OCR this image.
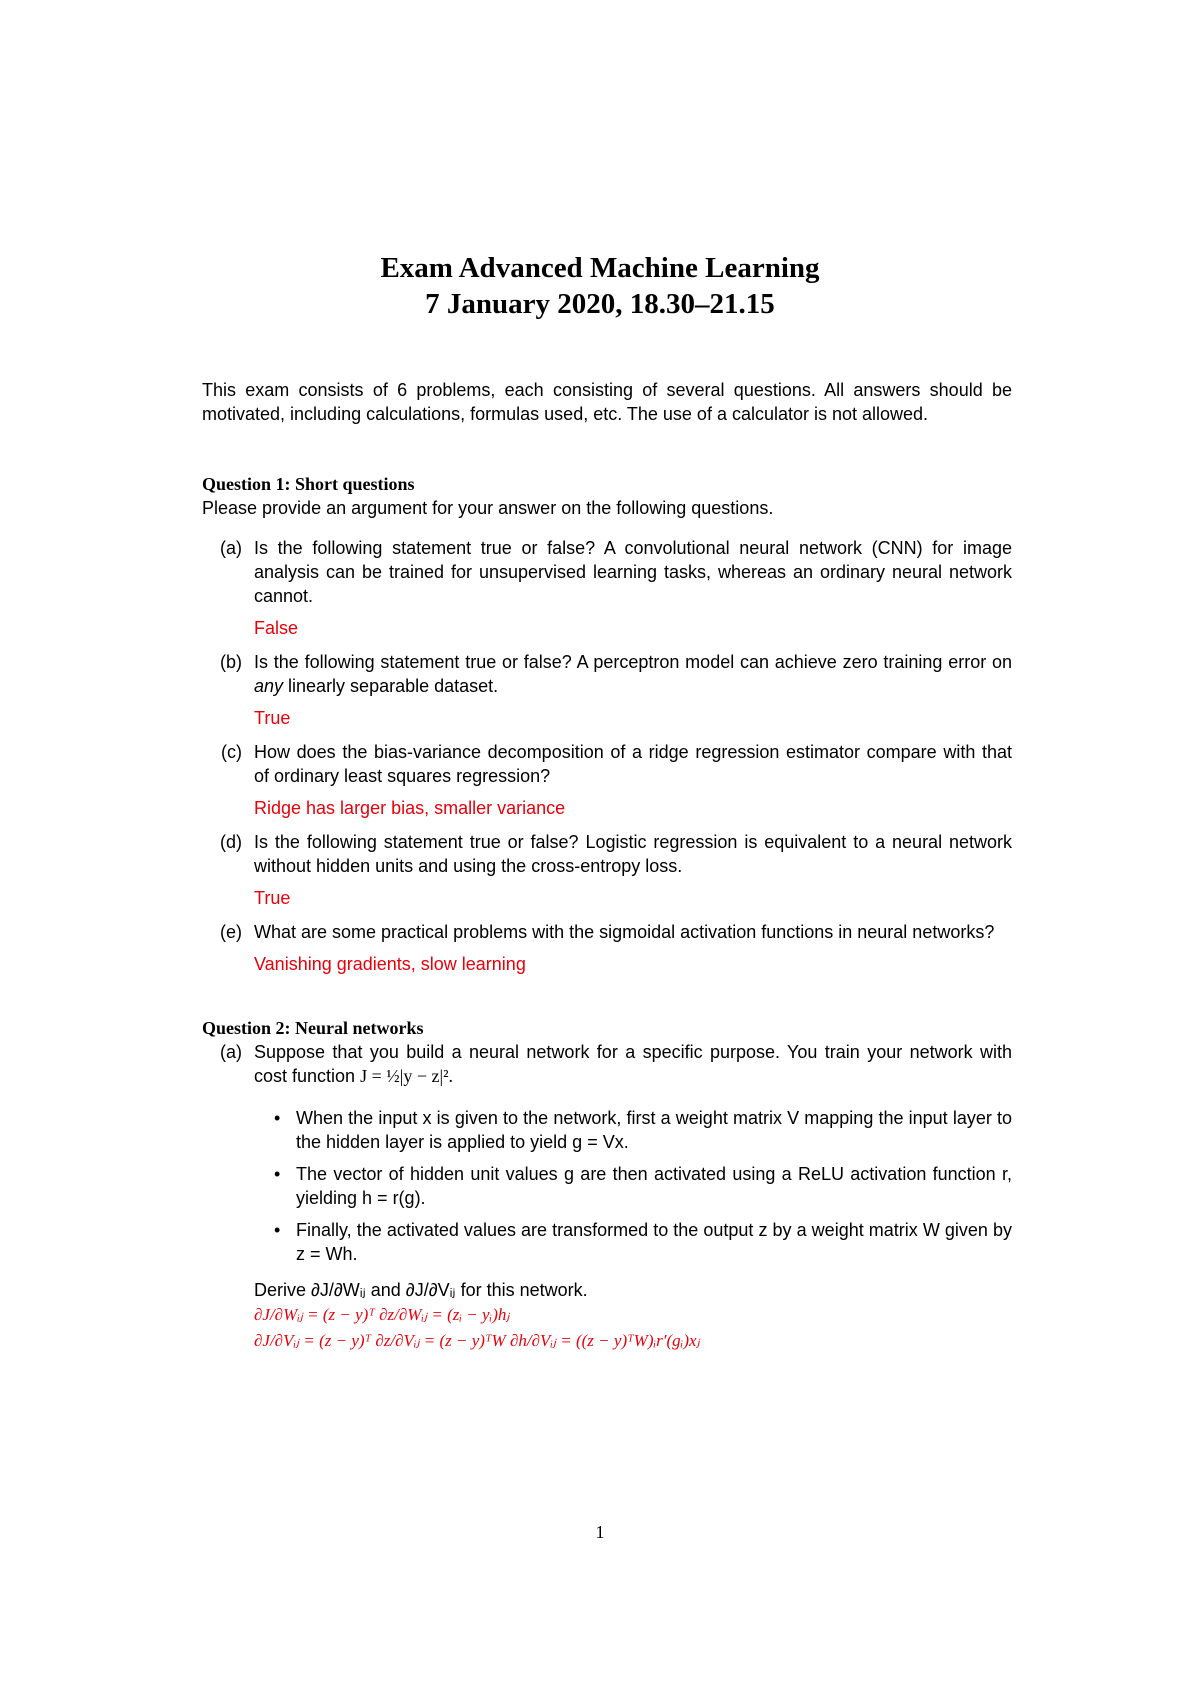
Exam Advanced Machine Learning

7 January 2020, 18.30–21.15

This exam consists of 6 problems, each consisting of several questions. All answers should be motivated, including calculations, formulas used, etc. The use of a calculator is not allowed.

Question 1: Short questions

Please provide an argument for your answer on the following questions.

(a) Is the following statement true or false? A convolutional neural network (CNN) for image analysis can be trained for unsupervised learning tasks, whereas an ordinary neural network cannot.

False

(b) Is the following statement true or false? A perceptron model can achieve zero training error on any linearly separable dataset.

True

(c) How does the bias-variance decomposition of a ridge regression estimator compare with that of ordinary least squares regression?

Ridge has larger bias, smaller variance

(d) Is the following statement true or false? Logistic regression is equivalent to a neural network without hidden units and using the cross-entropy loss.

True

(e) What are some practical problems with the sigmoidal activation functions in neural networks?

Vanishing gradients, slow learning

Question 2: Neural networks

(a) Suppose that you build a neural network for a specific purpose. You train your network with cost function J = ½|y − z|².

• When the input x is given to the network, first a weight matrix V mapping the input layer to the hidden layer is applied to yield g = Vx.
• The vector of hidden unit values g are then activated using a ReLU activation function r, yielding h = r(g).
• Finally, the activated values are transformed to the output z by a weight matrix W given by z = Wh.

Derive ∂J/∂Wᵢⱼ and ∂J/∂Vᵢⱼ for this network.

∂J/∂Wᵢⱼ = (z − y)ᵀ ∂z/∂Wᵢⱼ = (zᵢ − yᵢ)hⱼ
∂J/∂Vᵢⱼ = (z − y)ᵀ ∂z/∂Vᵢⱼ = (z − y)ᵀW ∂h/∂Vᵢⱼ = ((z − y)ᵀW)ᵢr′(gᵢ)xⱼ
1
